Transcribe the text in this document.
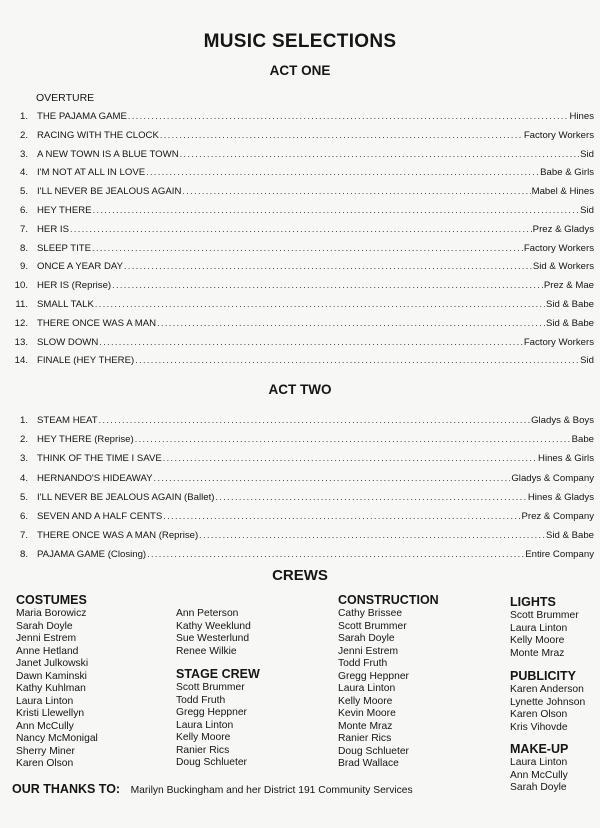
MUSIC SELECTIONS
ACT ONE
OVERTURE
1. THE PAJAMA GAME .....	Hines
2. RACING WITH THE CLOCK .....	Factory Workers
3. A NEW TOWN IS A BLUE TOWN .....	Sid
4. I'M NOT AT ALL IN LOVE .....	Babe & Girls
5. I'LL NEVER BE JEALOUS AGAIN .....	Mabel & Hines
6. HEY THERE .....	Sid
7. HER IS .....	Prez & Gladys
8. SLEEP TITE .....	Factory Workers
9. ONCE A YEAR DAY .....	Sid & Workers
10. HER IS (Reprise) .....	Prez & Mae
11. SMALL TALK .....	Sid & Babe
12. THERE ONCE WAS A MAN .....	Sid & Babe
13. SLOW DOWN .....	Factory Workers
14. FINALE (HEY THERE) .....	Sid
ACT TWO
1. STEAM HEAT .....	Gladys & Boys
2. HEY THERE (Reprise) .....	Babe
3. THINK OF THE TIME I SAVE .....	Hines & Girls
4. HERNANDO'S HIDEAWAY .....	Gladys & Company
5. I'LL NEVER BE JEALOUS AGAIN (Ballet) .....	Hines & Gladys
6. SEVEN AND A HALF CENTS .....	Prez & Company
7. THERE ONCE WAS A MAN (Reprise) .....	Sid & Babe
8. PAJAMA GAME (Closing) .....	Entire Company
CREWS
COSTUMES
Maria Borowicz
Sarah Doyle
Jenni Estrem
Anne Hetland
Janet Julkowski
Dawn Kaminski
Kathy Kuhlman
Laura Linton
Kristi Llewellyn
Ann McCully
Nancy McMonigal
Sherry Miner
Karen Olson
Ann Peterson
Kathy Weeklund
Sue Westerlund
Renee Wilkie
STAGE CREW
Scott Brummer
Todd Fruth
Gregg Heppner
Laura Linton
Kelly Moore
Ranier Rics
Doug Schlueter
CONSTRUCTION
Cathy Brissee
Scott Brummer
Sarah Doyle
Jenni Estrem
Todd Fruth
Gregg Heppner
Laura Linton
Kelly Moore
Kevin Moore
Monte Mraz
Ranier Rics
Doug Schlueter
Brad Wallace
LIGHTS
Scott Brummer
Laura Linton
Kelly Moore
Monte Mraz
PUBLICITY
Karen Anderson
Lynette Johnson
Karen Olson
Kris Vihovde
MAKE-UP
Laura Linton
Ann McCully
Sarah Doyle
OUR THANKS TO: Marilyn Buckingham and her District 191 Community Services
